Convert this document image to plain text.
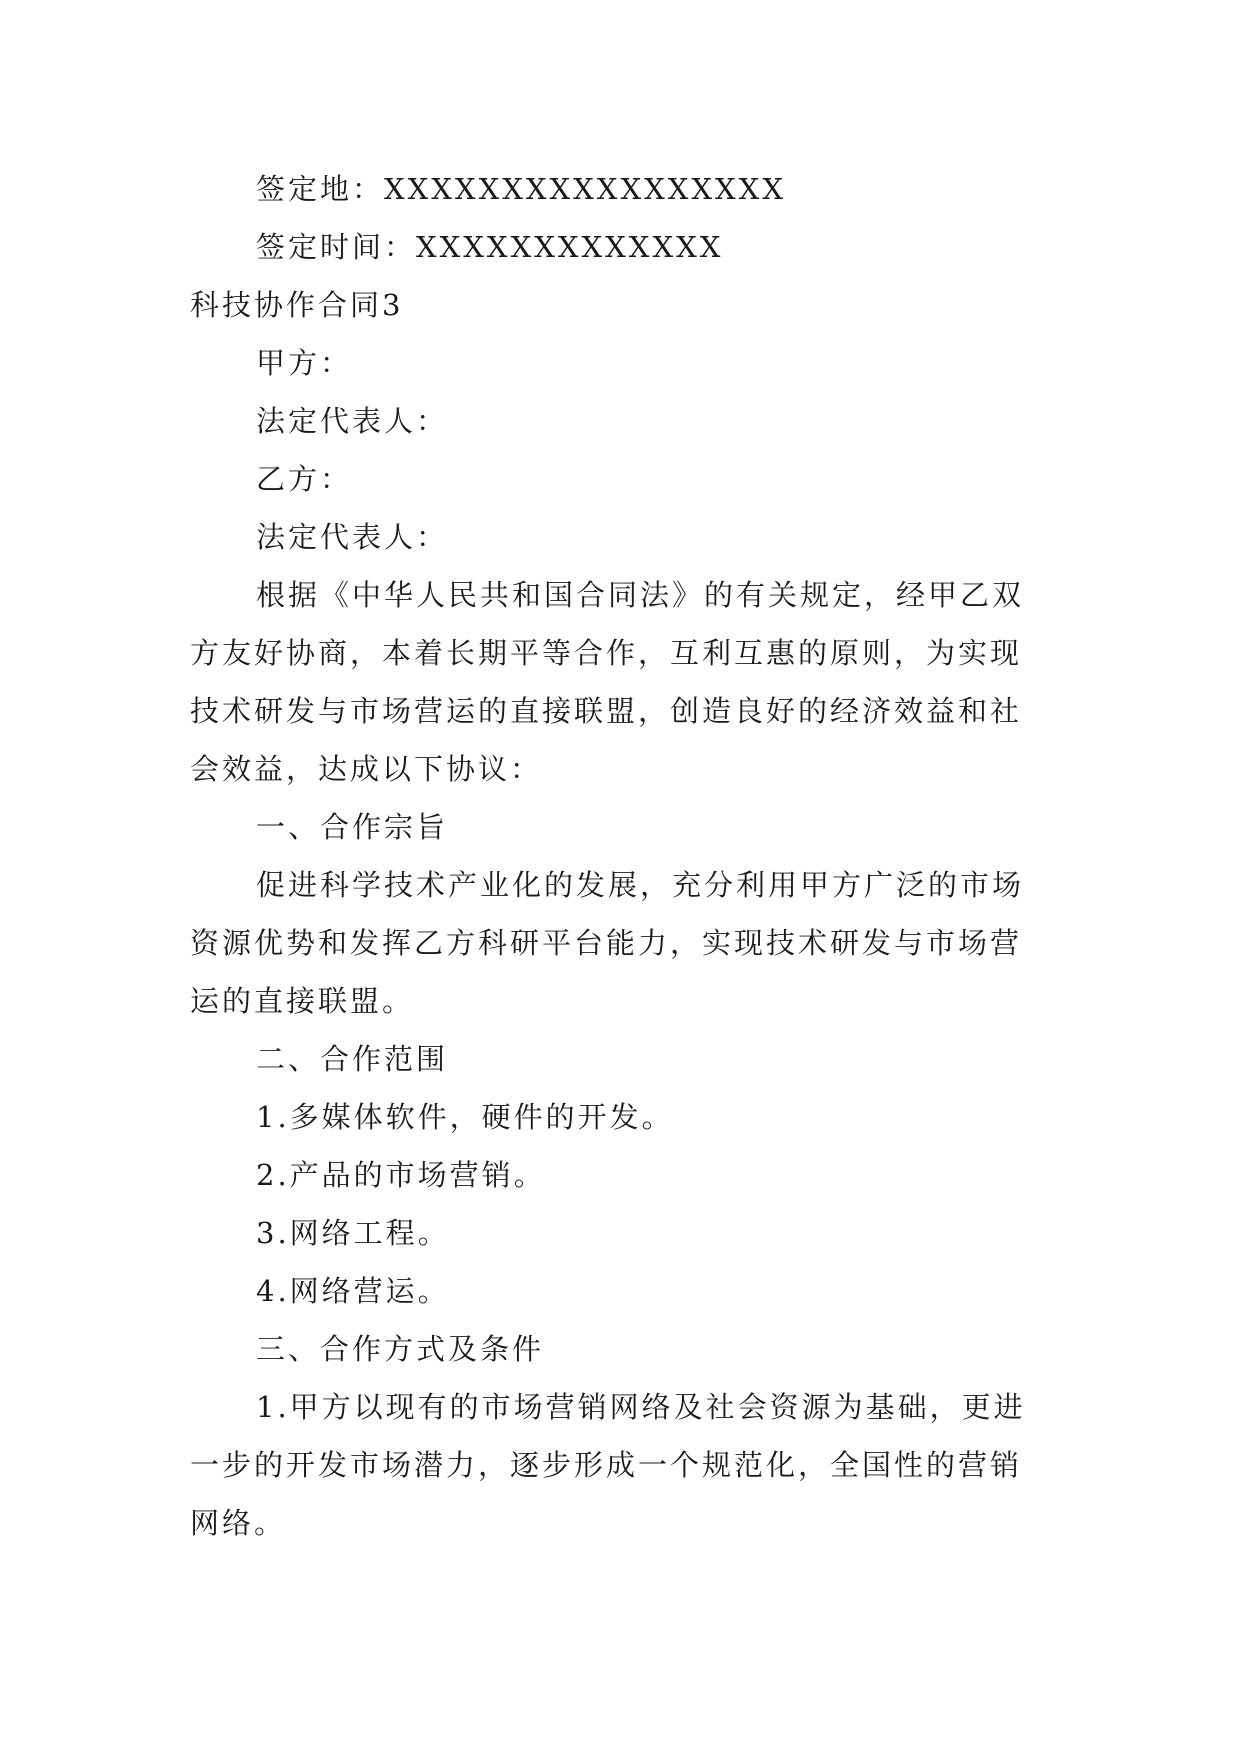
签定地：XXXXXXXXXXXXXXXXX
签定时间：XXXXXXXXXXXXX
科技协作合同3
甲方：
法定代表人：
乙方：
法定代表人：
根据《中华人民共和国合同法》的有关规定，经甲乙双
方友好协商，本着长期平等合作，互利互惠的原则，为实现
技术研发与市场营运的直接联盟，创造良好的经济效益和社
会效益，达成以下协议：
一、合作宗旨
促进科学技术产业化的发展，充分利用甲方广泛的市场
资源优势和发挥乙方科研平台能力，实现技术研发与市场营
运的直接联盟。
二、合作范围
1.多媒体软件，硬件的开发。
2.产品的市场营销。
3.网络工程。
4.网络营运。
三、合作方式及条件
1.甲方以现有的市场营销网络及社会资源为基础，更进
一步的开发市场潜力，逐步形成一个规范化，全国性的营销
网络。
